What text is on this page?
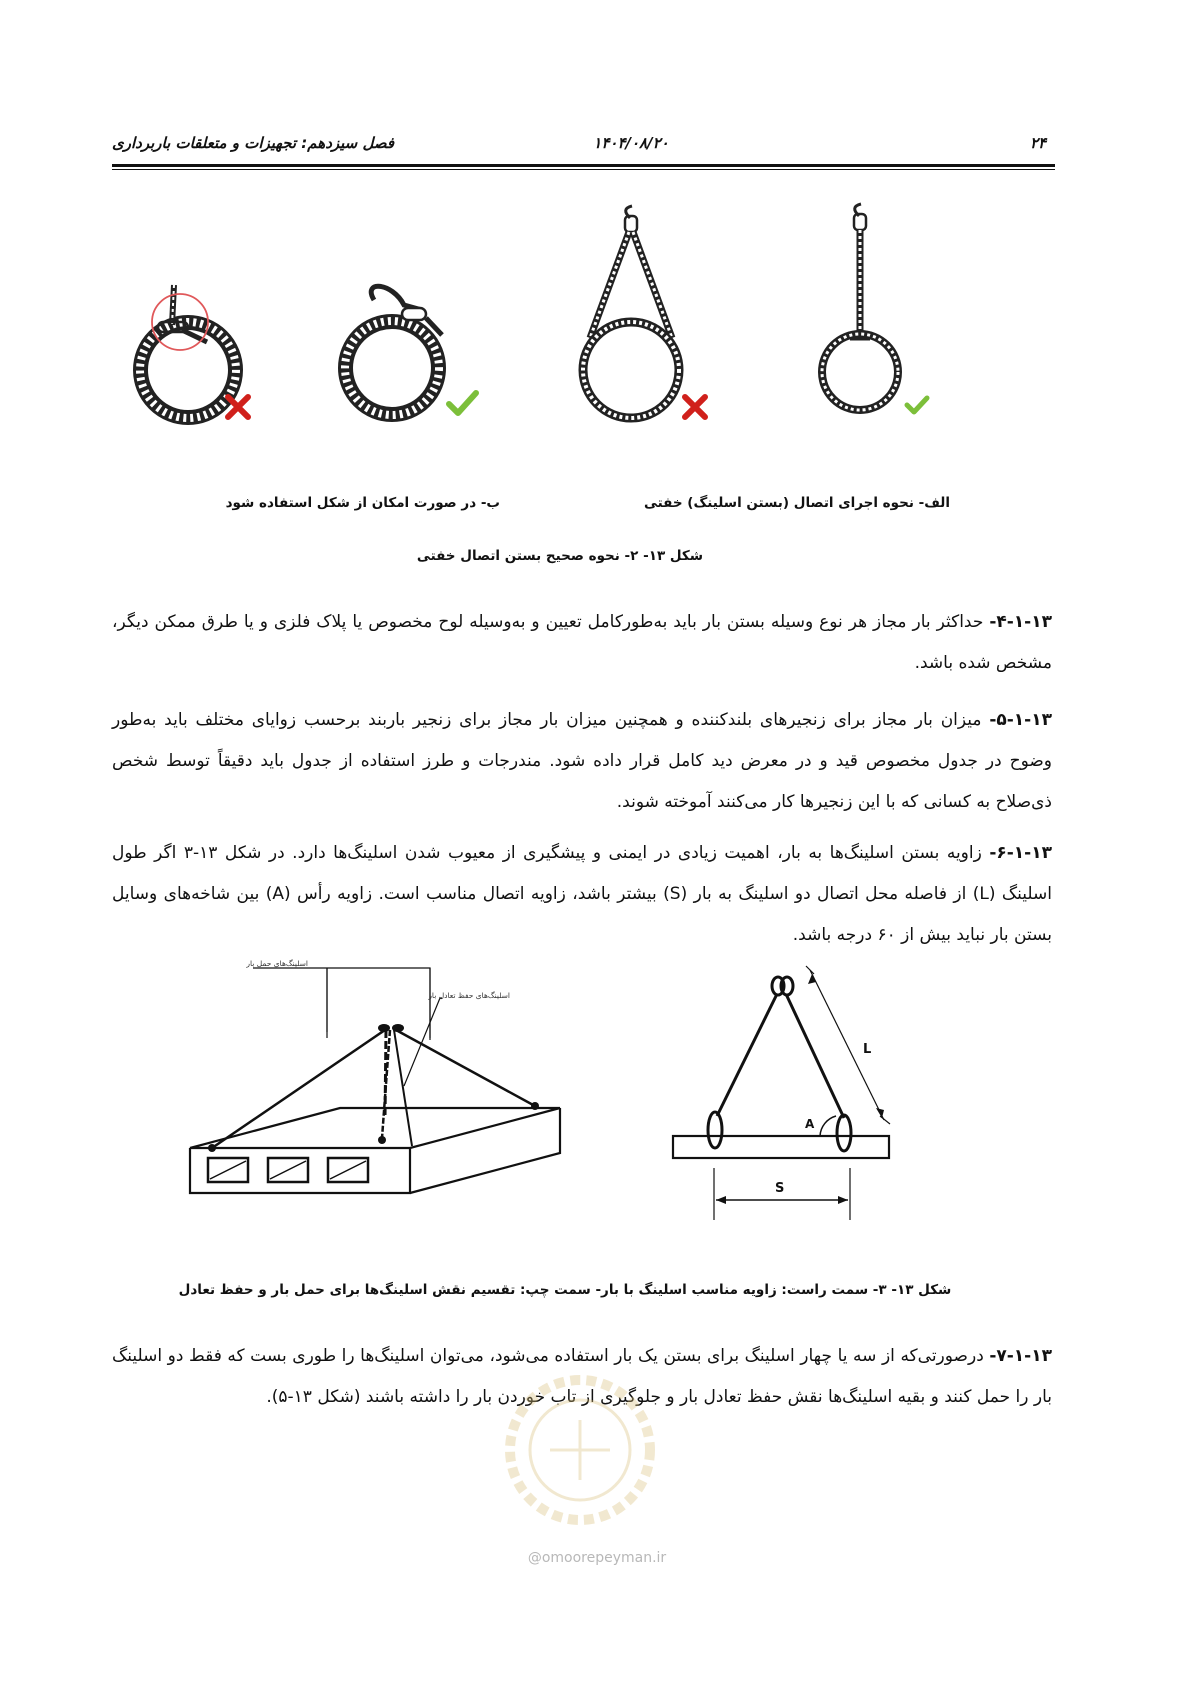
۲۴
۱۴۰۴/۰۸/۲۰
فصل سیزدهم: تجهیزات و متعلقات باربرداری
الف- نحوه اجرای اتصال (بستن اسلینگ) خفتی
ب- در صورت امکان از شکل استفاده شود
شکل ۱۳- ۲- نحوه صحیح بستن اتصال خفتی
۴-۱-۱۳- حداکثر بار مجاز هر نوع وسیله بستن بار باید به‌طورکامل تعیین و به‌وسیله لوح مخصوص یا پلاک فلزی و یا طرق ممکن دیگر، مشخص شده باشد.
۵-۱-۱۳- میزان بار مجاز برای زنجیرهای بلندکننده و همچنین میزان بار مجاز برای زنجیر باربند برحسب زوایای مختلف باید به‌طور وضوح در جدول مخصوص قید و در معرض دید کامل قرار داده شود. مندرجات و طرز استفاده از جدول باید دقیقاً توسط شخص ذی‌صلاح به کسانی که با این زنجیرها کار می‌کنند آموخته شوند.
۶-۱-۱۳- زاویه بستن اسلینگ‌ها به بار، اهمیت زیادی در ایمنی و پیشگیری از معیوب شدن اسلینگ‌ها دارد. در شکل ۱۳-۳ اگر طول اسلینگ (L) از فاصله محل اتصال دو اسلینگ به بار (S) بیشتر باشد، زاویه اتصال مناسب است. زاویه رأس (A) بین شاخه‌های وسایل بستن بار نباید بیش از ۶۰ درجه باشد.
اسلینگ‌های حمل بار
اسلینگ‌های حفظ تعادل بار
L
A
S
شکل ۱۳- ۳- سمت راست: زاویه مناسب اسلینگ با بار- سمت چپ: تقسیم نقش اسلینگ‌ها برای حمل بار و حفظ تعادل
۷-۱-۱۳- درصورتی‌که از سه یا چهار اسلینگ برای بستن یک بار استفاده می‌شود، می‌توان اسلینگ‌ها را طوری بست که فقط دو اسلینگ بار را حمل کنند و بقیه اسلینگ‌ها نقش حفظ تعادل بار و جلوگیری از تاب خوردن بار را داشته باشند (شکل ۱۳-۵).
@omoorepeyman.ir
